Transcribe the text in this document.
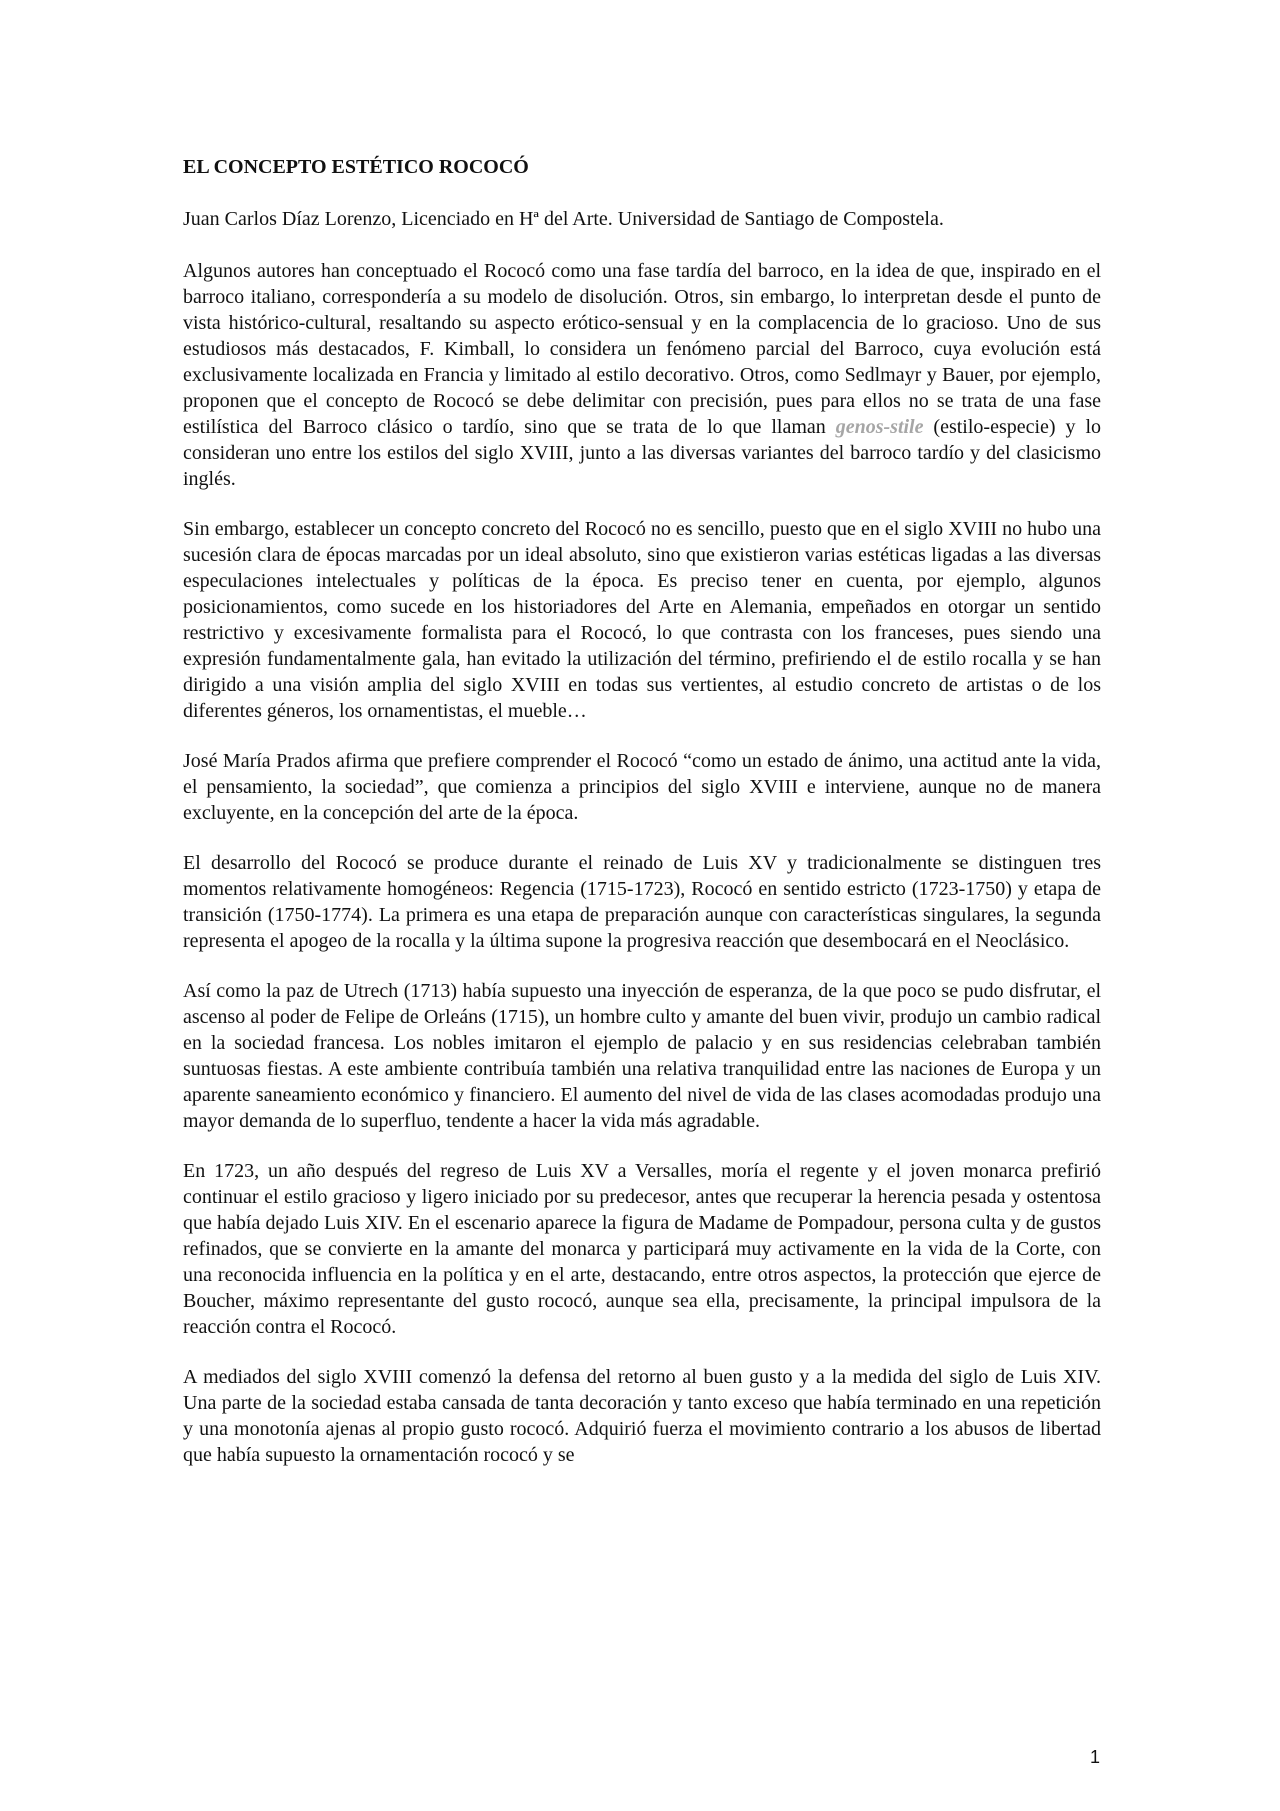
EL CONCEPTO ESTÉTICO ROCOCÓ
Juan Carlos Díaz Lorenzo, Licenciado en Hª del Arte. Universidad de Santiago de Compostela.
Algunos autores han conceptuado el Rococó como una fase tardía del barroco, en la idea de que, inspirado en el barroco italiano, correspondería a su modelo de disolución. Otros, sin embargo, lo interpretan desde el punto de vista histórico-cultural, resaltando su aspecto erótico-sensual y en la complacencia de lo gracioso. Uno de sus estudiosos más destacados, F. Kimball, lo considera un fenómeno parcial del Barroco, cuya evolución está exclusivamente localizada en Francia y limitado al estilo decorativo. Otros, como Sedlmayr y Bauer, por ejemplo, proponen que el concepto de Rococó se debe delimitar con precisión, pues para ellos no se trata de una fase estilística del Barroco clásico o tardío, sino que se trata de lo que llaman genos-stile (estilo-especie) y lo consideran uno entre los estilos del siglo XVIII, junto a las diversas variantes del barroco tardío y del clasicismo inglés.
Sin embargo, establecer un concepto concreto del Rococó no es sencillo, puesto que en el siglo XVIII no hubo una sucesión clara de épocas marcadas por un ideal absoluto, sino que existieron varias estéticas ligadas a las diversas especulaciones intelectuales y políticas de la época. Es preciso tener en cuenta, por ejemplo, algunos posicionamientos, como sucede en los historiadores del Arte en Alemania, empeñados en otorgar un sentido restrictivo y excesivamente formalista para el Rococó, lo que contrasta con los franceses, pues siendo una expresión fundamentalmente gala, han evitado la utilización del término, prefiriendo el de estilo rocalla y se han dirigido a una visión amplia del siglo XVIII en todas sus vertientes, al estudio concreto de artistas o de los diferentes géneros, los ornamentistas, el mueble…
José María Prados afirma que prefiere comprender el Rococó “como un estado de ánimo, una actitud ante la vida, el pensamiento, la sociedad”, que comienza a principios del siglo XVIII e interviene, aunque no de manera excluyente, en la concepción del arte de la época.
El desarrollo del Rococó se produce durante el reinado de Luis XV y tradicionalmente se distinguen tres momentos relativamente homogéneos: Regencia (1715-1723), Rococó en sentido estricto (1723-1750) y etapa de transición (1750-1774). La primera es una etapa de preparación aunque con características singulares, la segunda representa el apogeo de la rocalla y la última supone la progresiva reacción que desembocará en el Neoclásico.
Así como la paz de Utrech (1713) había supuesto una inyección de esperanza, de la que poco se pudo disfrutar, el ascenso al poder de Felipe de Orleáns (1715), un hombre culto y amante del buen vivir, produjo un cambio radical en la sociedad francesa. Los nobles imitaron el ejemplo de palacio y en sus residencias celebraban también suntuosas fiestas. A este ambiente contribuía también una relativa tranquilidad entre las naciones de Europa y un aparente saneamiento económico y financiero. El aumento del nivel de vida de las clases acomodadas produjo una mayor demanda de lo superfluo, tendente a hacer la vida más agradable.
En 1723, un año después del regreso de Luis XV a Versalles, moría el regente y el joven monarca prefirió continuar el estilo gracioso y ligero iniciado por su predecesor, antes que recuperar la herencia pesada y ostentosa que había dejado Luis XIV. En el escenario aparece la figura de Madame de Pompadour, persona culta y de gustos refinados, que se convierte en la amante del monarca y participará muy activamente en la vida de la Corte, con una reconocida influencia en la política y en el arte, destacando, entre otros aspectos, la protección que ejerce de Boucher, máximo representante del gusto rococó, aunque sea ella, precisamente, la principal impulsora de la reacción contra el Rococó.
A mediados del siglo XVIII comenzó la defensa del retorno al buen gusto y a la medida del siglo de Luis XIV. Una parte de la sociedad estaba cansada de tanta decoración y tanto exceso que había terminado en una repetición y una monotonía ajenas al propio gusto rococó. Adquirió fuerza el movimiento contrario a los abusos de libertad que había supuesto la ornamentación rococó y se
1
